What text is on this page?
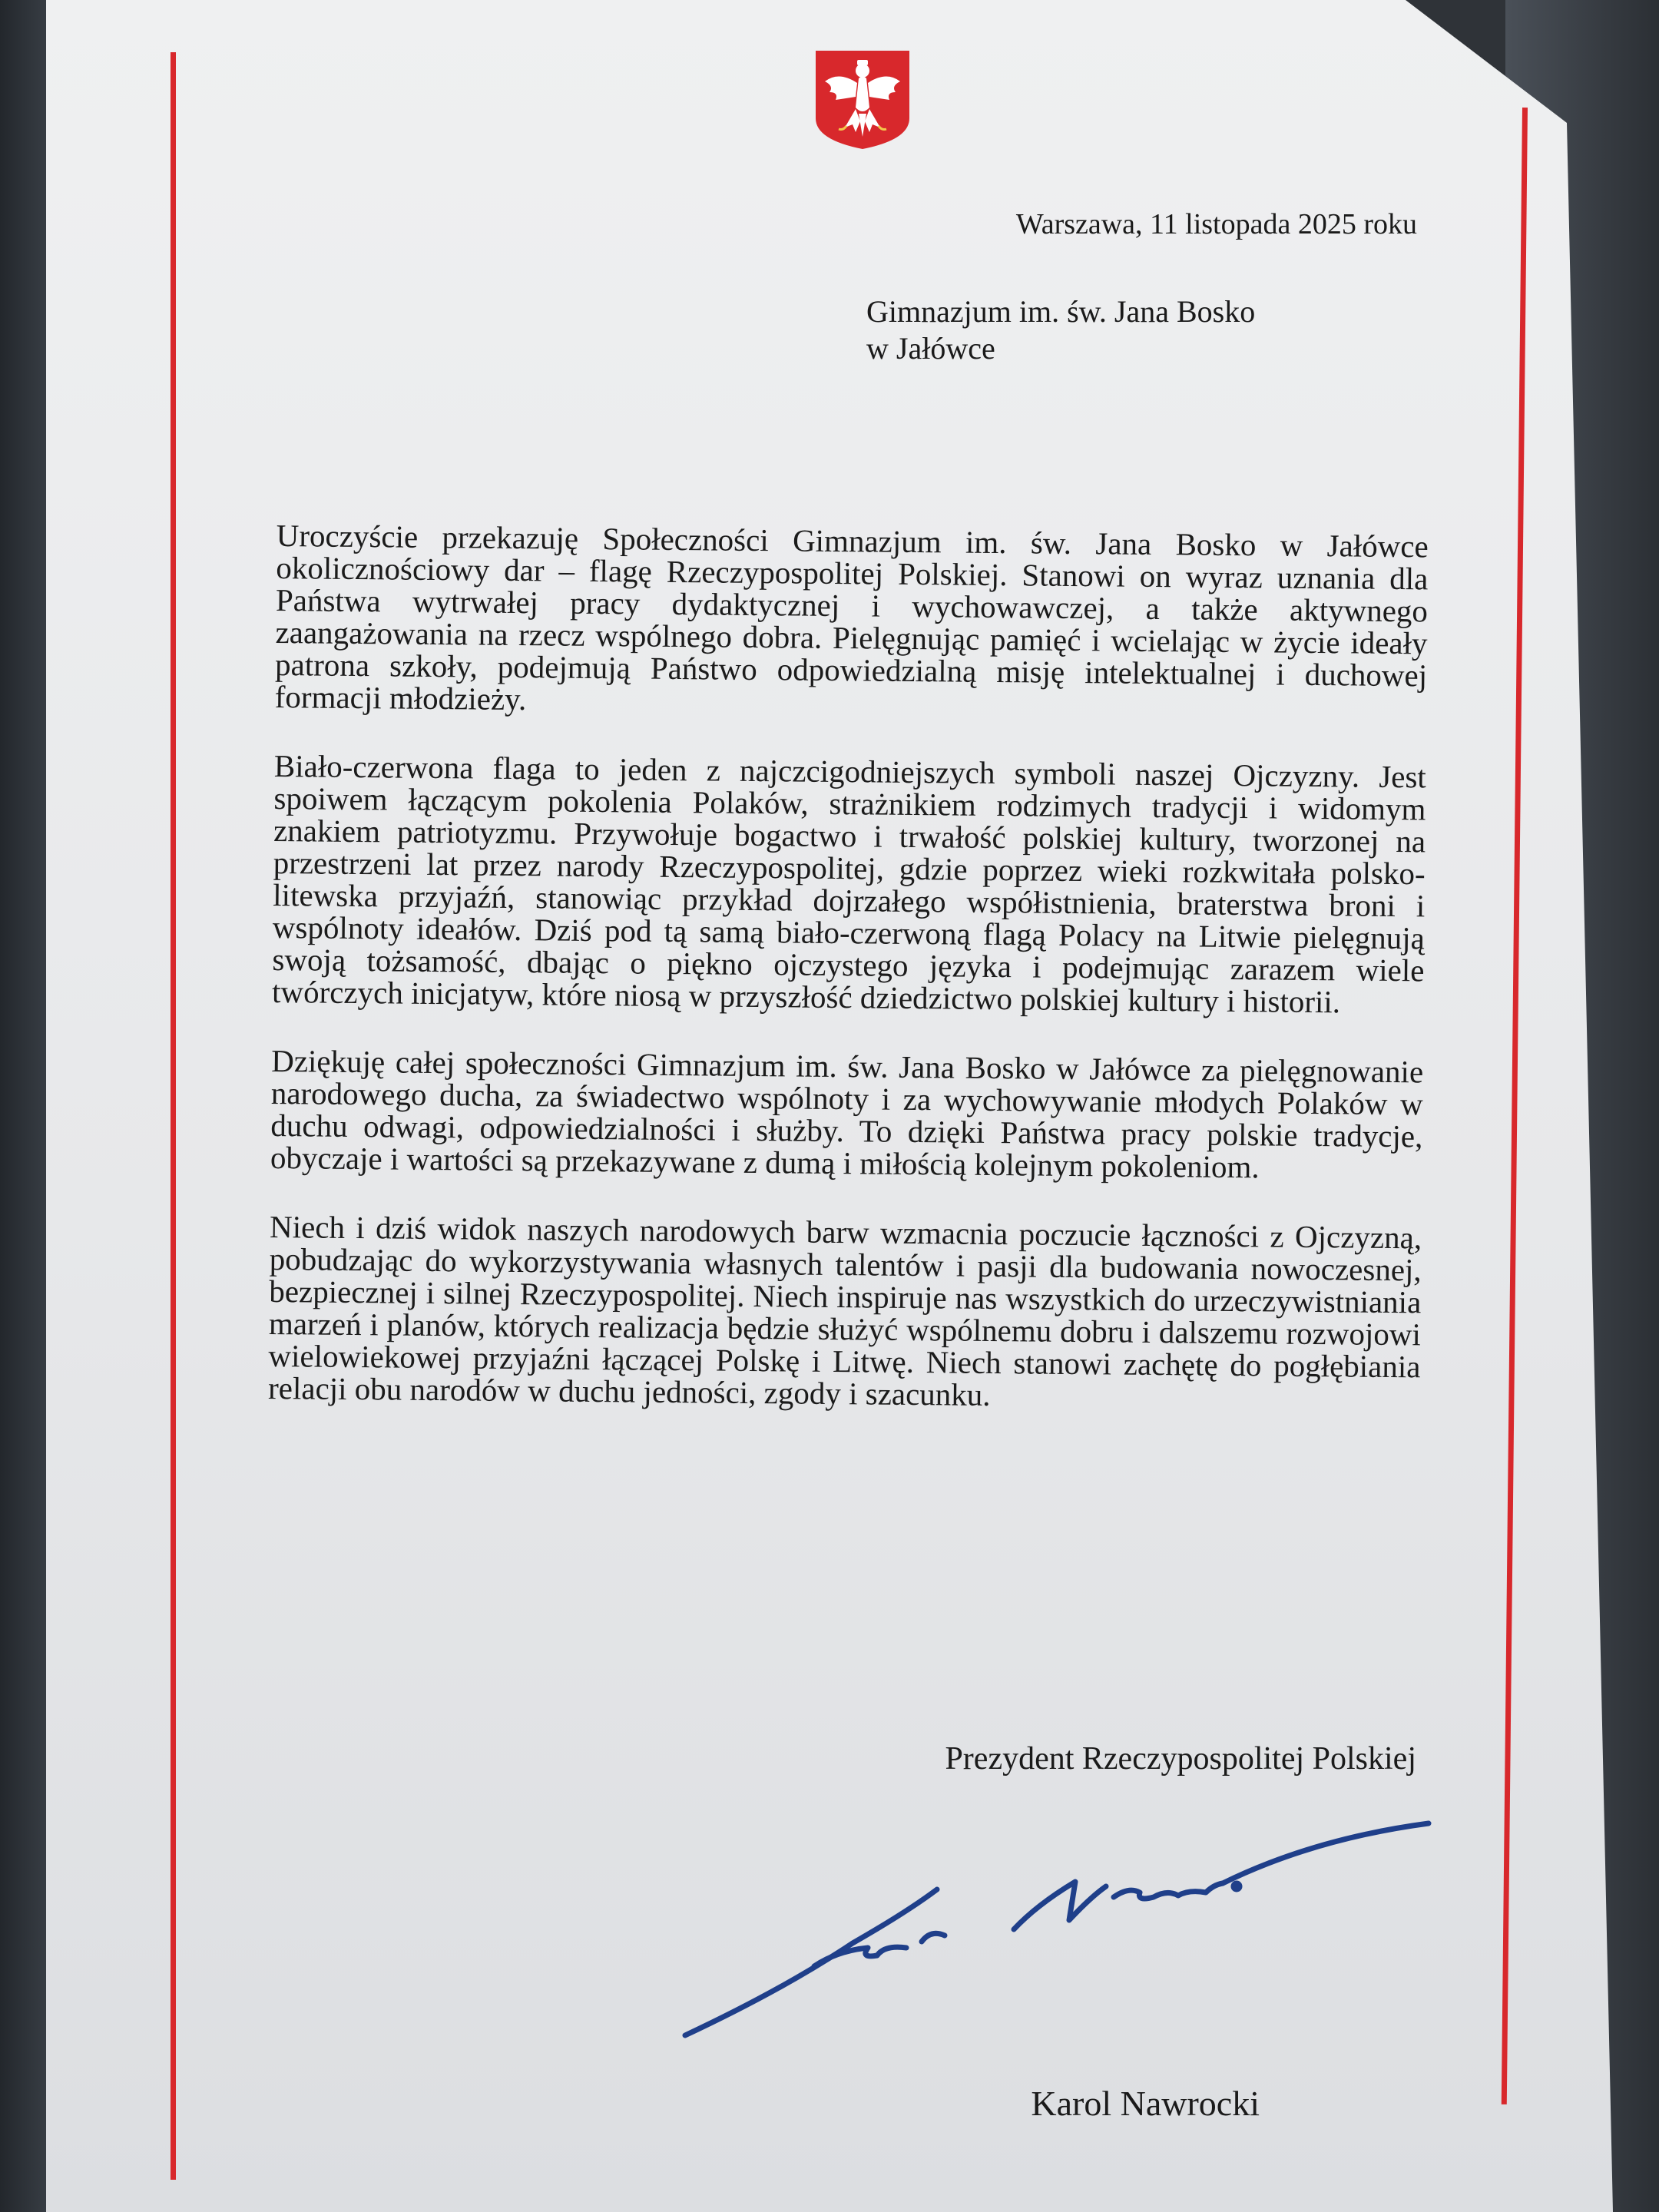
Warszawa, 11 listopada 2025 roku
Gimnazjum im. św. Jana Bosko
w Jałówce

Uroczyście przekazuję Społeczności Gimnazjum im. św. Jana Bosko w Jałówce okolicznościowy dar – flagę Rzeczypospolitej Polskiej. Stanowi on wyraz uznania dla Państwa wytrwałej pracy dydaktycznej i wychowawczej, a także aktywnego zaangażowania na rzecz wspólnego dobra. Pielęgnując pamięć i wcielając w życie ideały patrona szkoły, podejmują Państwo odpowiedzialną misję intelektualnej i duchowej formacji młodzieży.

Biało-czerwona flaga to jeden z najczcigodniejszych symboli naszej Ojczyzny. Jest spoiwem łączącym pokolenia Polaków, strażnikiem rodzimych tradycji i widomym znakiem patriotyzmu. Przywołuje bogactwo i trwałość polskiej kultury, tworzonej na przestrzeni lat przez narody Rzeczypospolitej, gdzie poprzez wieki rozkwitała polsko-litewska przyjaźń, stanowiąc przykład dojrzałego współistnienia, braterstwa broni i wspólnoty ideałów. Dziś pod tą samą biało-czerwoną flagą Polacy na Litwie pielęgnują swoją tożsamość, dbając o piękno ojczystego języka i podejmując zarazem wiele twórczych inicjatyw, które niosą w przyszłość dziedzictwo polskiej kultury i historii.

Dziękuję całej społeczności Gimnazjum im. św. Jana Bosko w Jałówce za pielęgnowanie narodowego ducha, za świadectwo wspólnoty i za wychowywanie młodych Polaków w duchu odwagi, odpowiedzialności i służby. To dzięki Państwa pracy polskie tradycje, obyczaje i wartości są przekazywane z dumą i miłością kolejnym pokoleniom.

Niech i dziś widok naszych narodowych barw wzmacnia poczucie łączności z Ojczyzną, pobudzając do wykorzystywania własnych talentów i pasji dla budowania nowoczesnej, bezpiecznej i silnej Rzeczypospolitej. Niech inspiruje nas wszystkich do urzeczywistniania marzeń i planów, których realizacja będzie służyć wspólnemu dobru i dalszemu rozwojowi wielowiekowej przyjaźni łączącej Polskę i Litwę. Niech stanowi zachętę do pogłębiania relacji obu narodów w duchu jedności, zgody i szacunku.

Prezydent Rzeczypospolitej Polskiej
Karol Nawrocki
